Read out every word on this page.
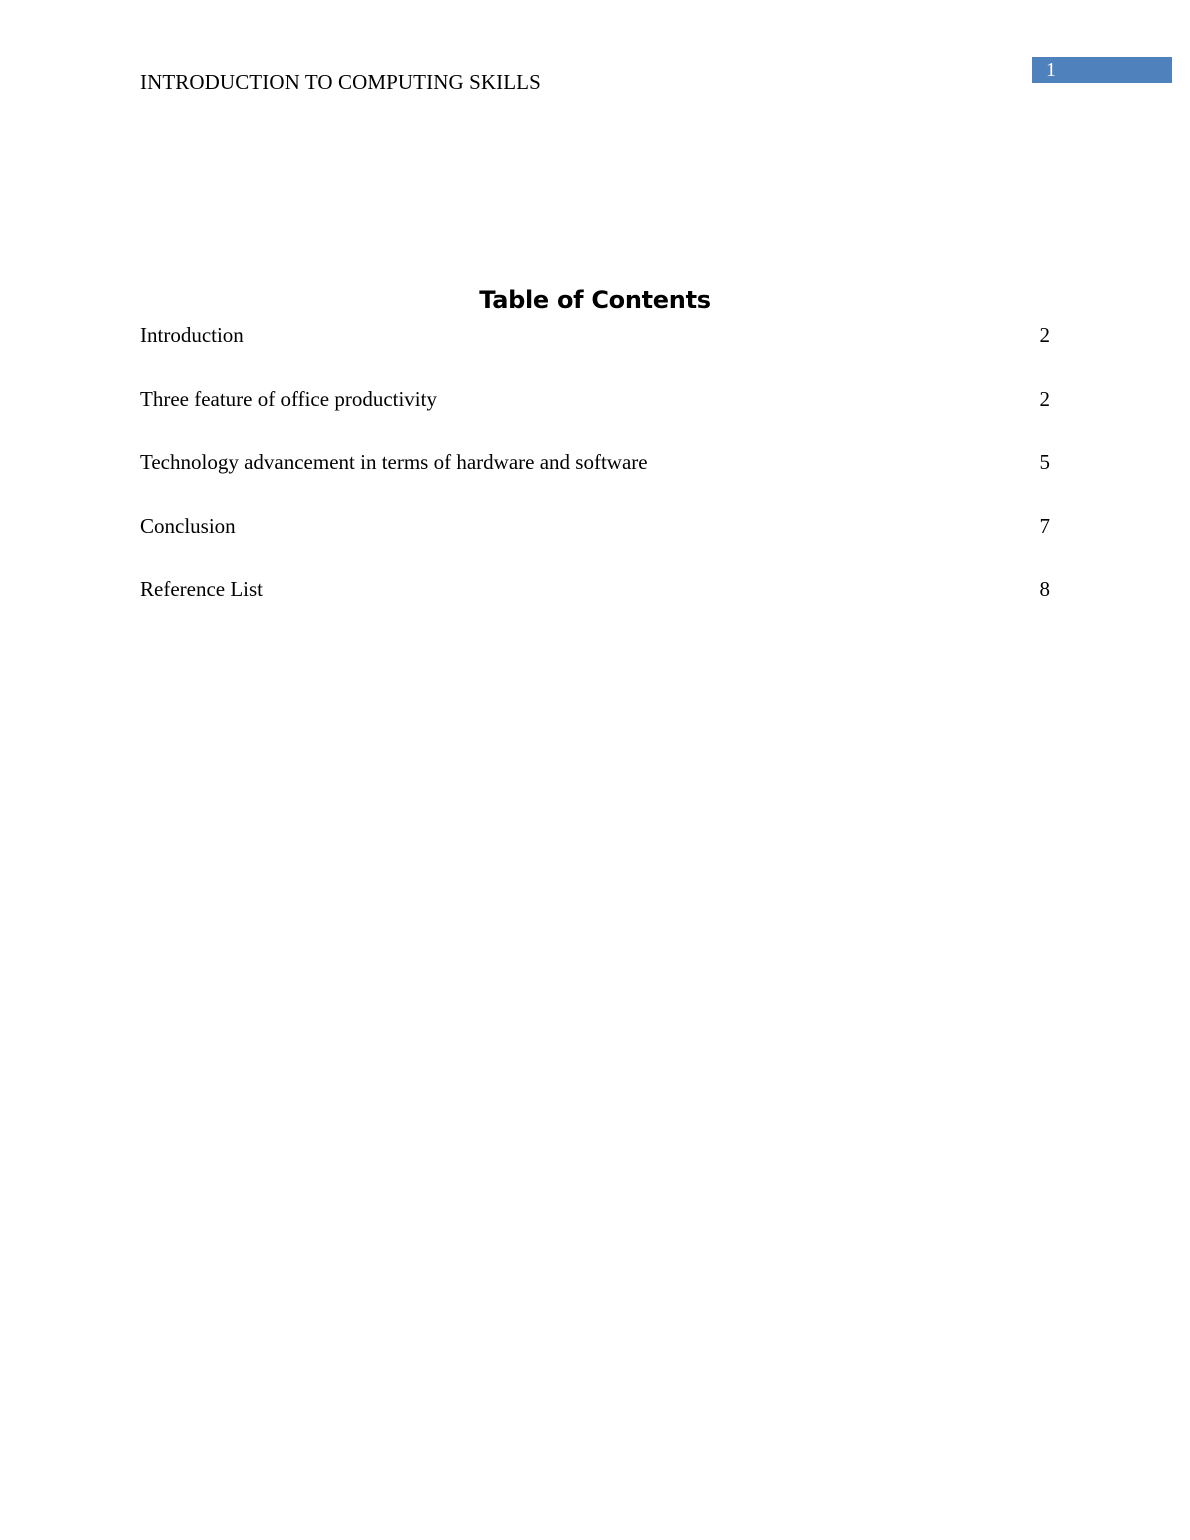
INTRODUCTION TO COMPUTING SKILLS	1
Table of Contents
Introduction	2
Three feature of office productivity	2
Technology advancement in terms of hardware and software	5
Conclusion	7
Reference List	8
